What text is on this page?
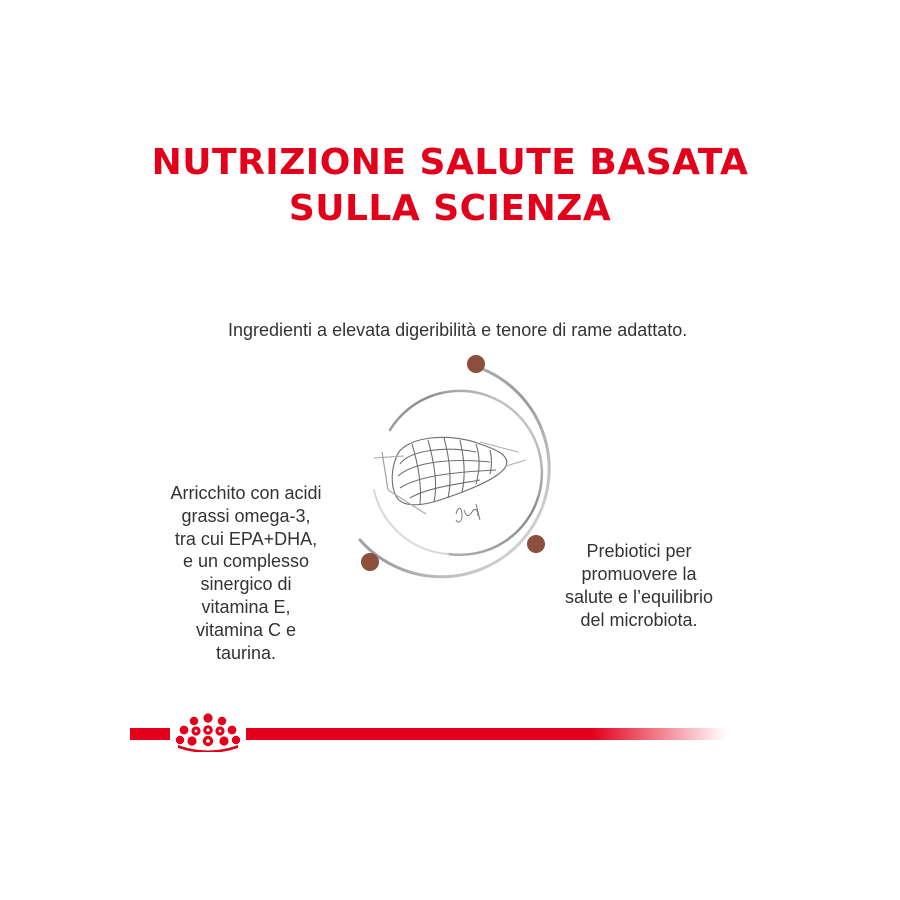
NUTRIZIONE SALUTE BASATA
SULLA SCIENZA
Ingredienti a elevata digeribilità e tenore di rame adattato.
Arricchito con acidi
grassi omega-3,
tra cui EPA+DHA,
e un complesso
sinergico di
vitamina E,
vitamina C e
taurina.
Prebiotici per
promuovere la
salute e l’equilibrio
del microbiota.
